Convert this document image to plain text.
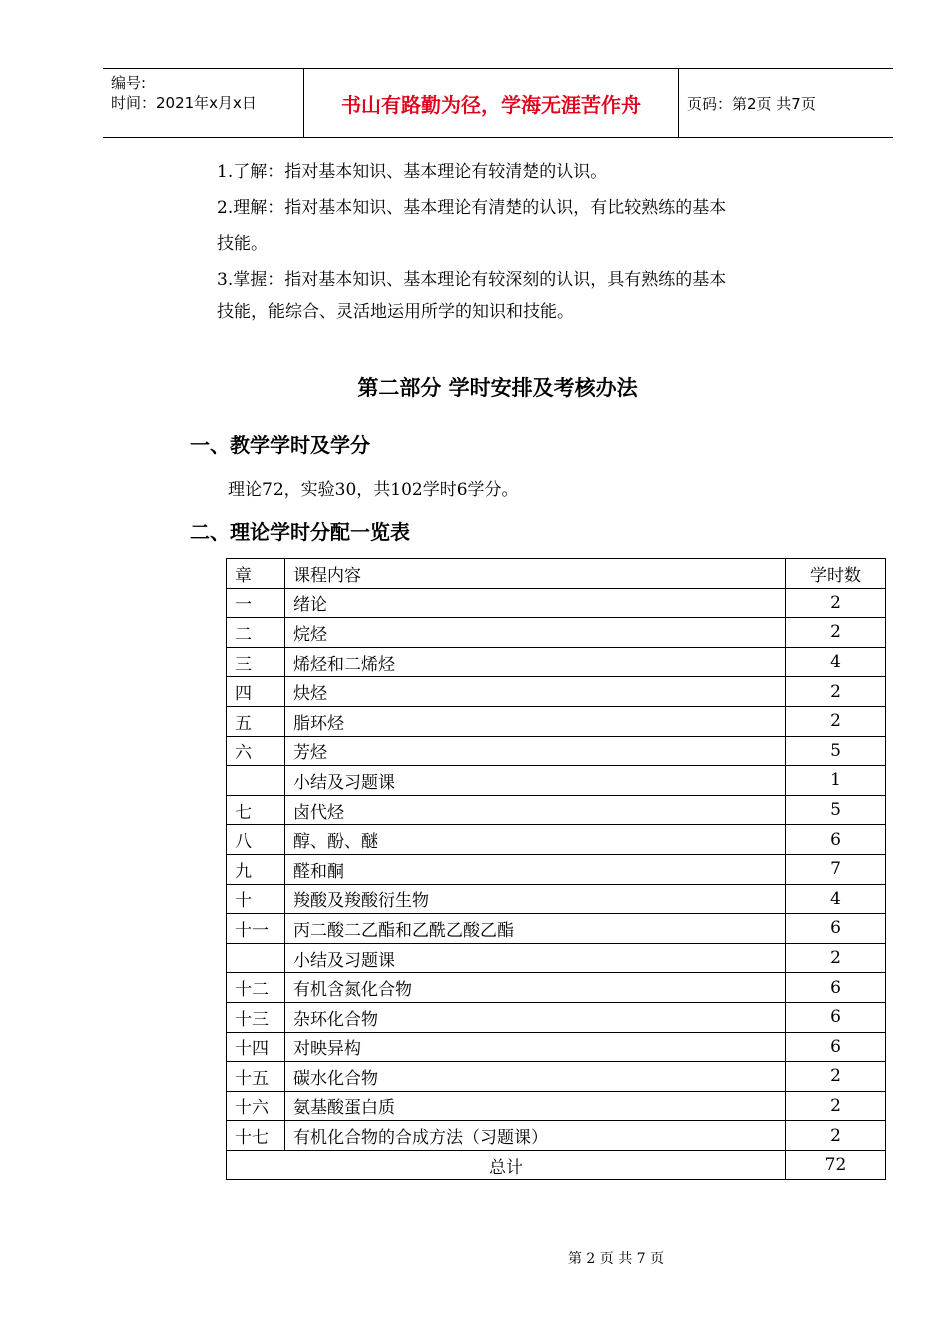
编号:
时间：2021年x月x日	书山有路勤为径，学海无涯苦作舟	页码：第2页 共7页
1.了解：指对基本知识、基本理论有较清楚的认识。
2.理解：指对基本知识、基本理论有清楚的认识，有比较熟练的基本
技能。
3.掌握：指对基本知识、基本理论有较深刻的认识，具有熟练的基本
技能，能综合、灵活地运用所学的知识和技能。
第二部分 学时安排及考核办法
一、教学学时及学分
理论72，实验30，共102学时6学分。
二、理论学时分配一览表
章	课程内容	学时数
一	绪论	2
二	烷烃	2
三	烯烃和二烯烃	4
四	炔烃	2
五	脂环烃	2
六	芳烃	5
	小结及习题课	1
七	卤代烃	5
八	醇、酚、醚	6
九	醛和酮	7
十	羧酸及羧酸衍生物	4
十一	丙二酸二乙酯和乙酰乙酸乙酯	6
	小结及习题课	2
十二	有机含氮化合物	6
十三	杂环化合物	6
十四	对映异构	6
十五	碳水化合物	2
十六	氨基酸蛋白质	2
十七	有机化合物的合成方法（习题课）	2
总计		72
第 2 页 共 7 页
